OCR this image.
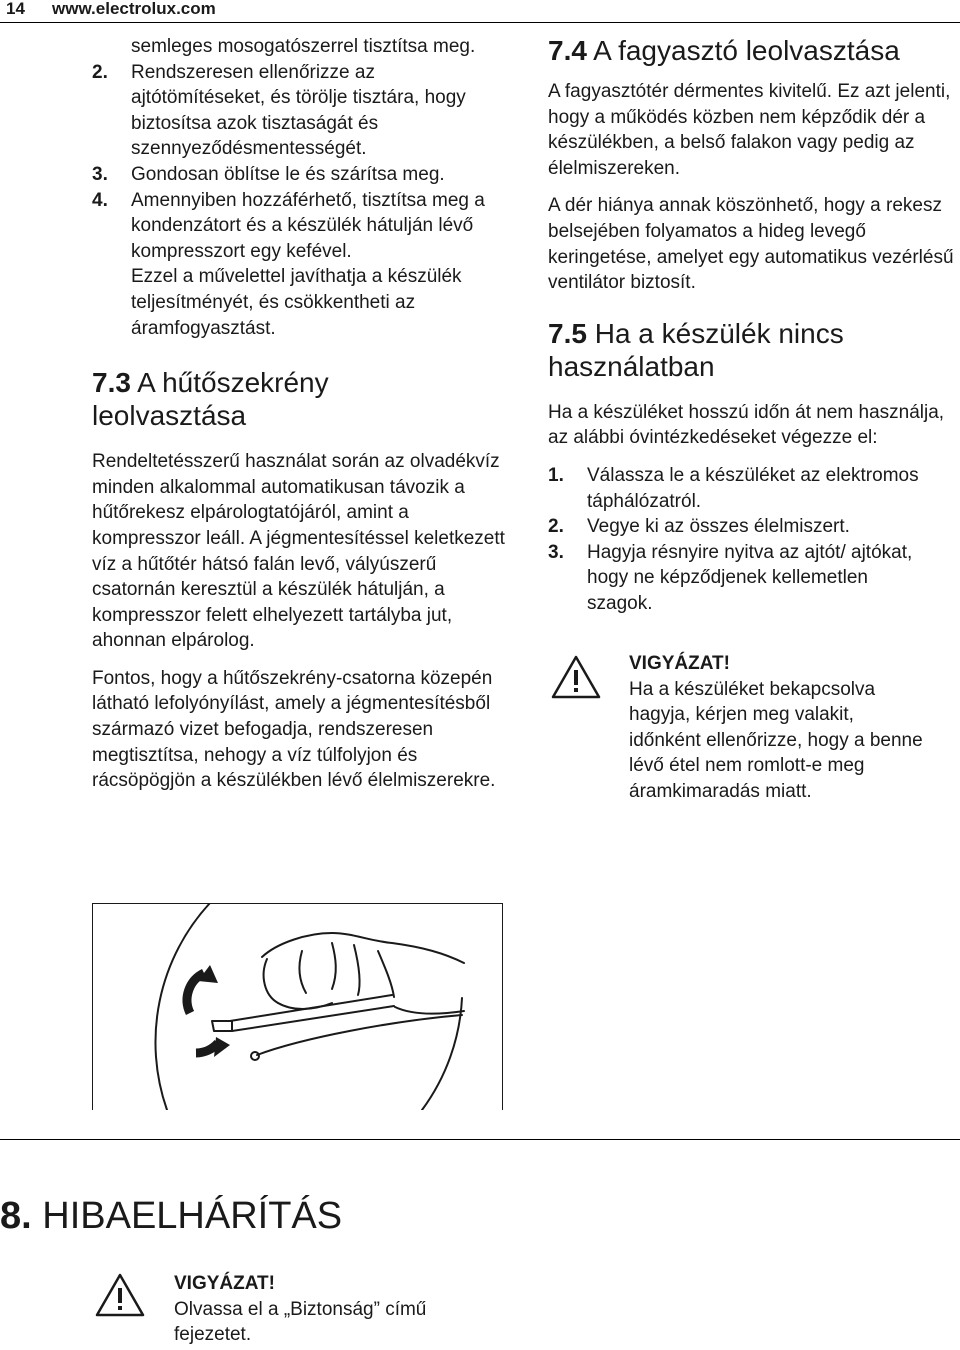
14 www.electrolux.com

semleges mosogatószerrel tisztítsa meg.

2. Rendszeresen ellenőrizze az ajtótömítéseket, és törölje tisztára, hogy biztosítsa azok tisztaságát és szennyeződésmentességét.
3. Gondosan öblítse le és szárítsa meg.
4. Amennyiben hozzáférhető, tisztítsa meg a kondenzátort és a készülék hátulján lévő kompresszort egy kefével.

Ezzel a művelettel javíthatja a készülék teljesítményét, és csökkentheti az áramfogyasztást.

7.3 A hűtőszekrény leolvasztása

Rendeltetésszerű használat során az olvadékvíz minden alkalommal automatikusan távozik a hűtőrekesz elpárologtatójáról, amint a kompresszor leáll. A jégmentesítéssel keletkezett víz a hűtőtér hátsó falán levő, vályúszerű csatornán keresztül a készülék hátulján, a kompresszor felett elhelyezett tartályba jut, ahonnan elpárolog.

Fontos, hogy a hűtőszekrény-csatorna közepén látható lefolyónyílást, amely a jégmentesítésből származó vizet befogadja, rendszeresen megtisztítsa, nehogy a víz túlfolyjon és rácsöpögjön a készülékben lévő élelmiszerekre.

7.4 A fagyasztó leolvasztása

A fagyasztótér dérmentes kivitelű. Ez azt jelenti, hogy a működés közben nem képződik dér a készülékben, a belső falakon vagy pedig az élelmiszereken.

A dér hiánya annak köszönhető, hogy a rekesz belsejében folyamatos a hideg levegő keringetése, amelyet egy automatikus vezérlésű ventilátor biztosít.

7.5 Ha a készülék nincs használatban

Ha a készüléket hosszú időn át nem használja, az alábbi óvintézkedéseket végezze el:

1. Válassza le a készüléket az elektromos táphálózatról.
2. Vegye ki az összes élelmiszert.
3. Hagyja résnyire nyitva az ajtót/ ajtókat, hogy ne képződjenek kellemetlen szagok.
VIGYÁZAT!
Ha a készüléket bekapcsolva hagyja, kérjen meg valakit, időnként ellenőrizze, hogy a benne lévő étel nem romlott-e meg áramkimaradás miatt.
8. HIBAELHÁRÍTÁS
VIGYÁZAT!
Olvassa el a „Biztonság” című fejezetet.
